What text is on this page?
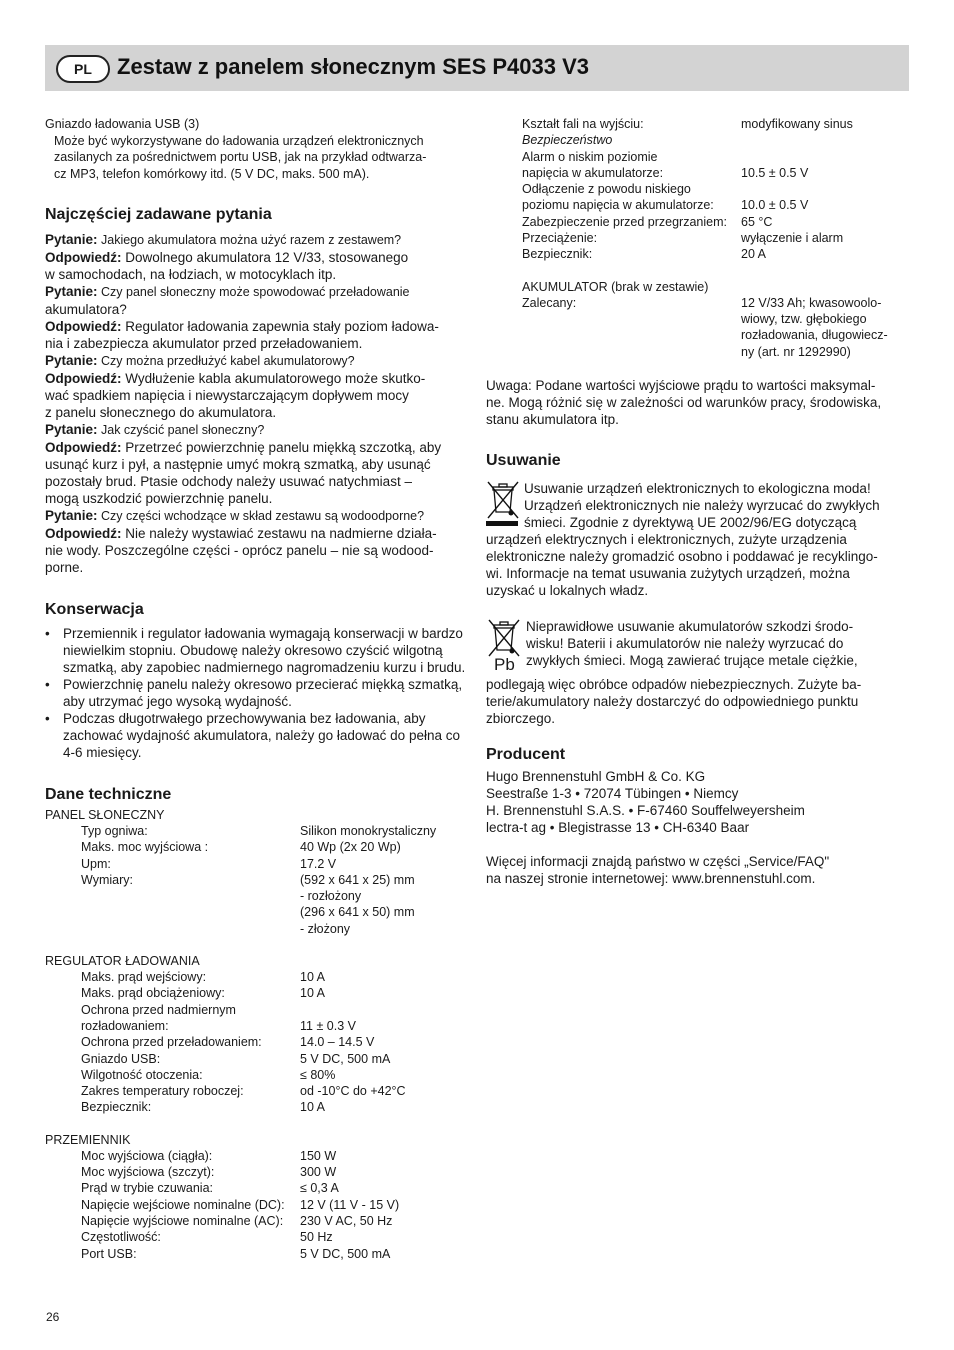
PL	Zestaw z panelem słonecznym SES P4033 V3

Gniazdo ładowania USB (3)

Może być wykorzystywane do ładowania urządzeń elektronicznych

zasilanych za pośrednictwem portu USB, jak na przykład odtwarza-

cz MP3, telefon komórkowy itd. (5 V DC, maks. 500 mA).

Najczęściej zadawane pytania

Pytanie: Jakiego akumulatora można użyć razem z zestawem?

Odpowiedź: Dowolnego akumulatora 12 V/33, stosowanego

w samochodach, na łodziach, w motocyklach itp.

Pytanie: Czy panel słoneczny może spowodować przeładowanie

akumulatora?

Odpowiedź: Regulator ładowania zapewnia stały poziom ładowa-

nia i zabezpiecza akumulator przed przeładowaniem.

Pytanie: Czy można przedłużyć kabel akumulatorowy?

Odpowiedź: Wydłużenie kabla akumulatorowego może skutko-

wać spadkiem napięcia i niewystarczającym dopływem mocy

z panelu słonecznego do akumulatora.

Pytanie: Jak czyścić panel słoneczny?

Odpowiedź: Przetrzeć powierzchnię panelu miękką szczotką, aby

usunąć kurz i pył, a następnie umyć mokrą szmatką, aby usunąć

pozostały brud. Ptasie odchody należy usuwać natychmiast –

mogą uszkodzić powierzchnię panelu.

Pytanie: Czy części wchodzące w skład zestawu są wodoodporne?

Odpowiedź: Nie należy wystawiać zestawu na nadmierne działa-

nie wody. Poszczególne części - oprócz panelu – nie są wodood-

porne.

Konserwacja
• Przemiennik i regulator ładowania wymagają konserwacji w bardzo niewielkim stopniu. Obudowę należy okresowo czyścić wilgotną szmatką, aby zapobiec nadmiernego nagromadzeniu kurzu i brudu.
• Powierzchnię panelu należy okresowo przecierać miękką szmatką, aby utrzymać jego wysoką wydajność.
• Podczas długotrwałego przechowywania bez ładowania, aby zachować wydajność akumulatora, należy go ładować do pełna co 4-6 miesięcy.
Dane techniczne

PANEL SŁONECZNY

Typ ogniwa:	Silikon monokrystaliczny
Maks. moc wyjściowa :	40 Wp (2x 20 Wp)
Upm:	17.2 V
Wymiary:	(592 x 641 x 25) mm
	- rozłożony
	(296 x 641 x 50) mm
	- złożony

REGULATOR ŁADOWANIA

Maks. prąd wejściowy:	10 A
Maks. prąd obciążeniowy:	10 A
Ochrona przed nadmiernym	
rozładowaniem:	11 ± 0.3 V
Ochrona przed przeładowaniem:	14.0 – 14.5 V
Gniazdo USB:	5 V DC, 500 mA
Wilgotność otoczenia:	≤ 80%
Zakres temperatury roboczej:	od -10°C do +42°C
Bezpiecznik:	10 A

PRZEMIENNIK

Moc wyjściowa (ciągła):	150 W
Moc wyjściowa (szczyt):	300 W
Prąd w trybie czuwania:	≤ 0,3 A
Napięcie wejściowe nominalne (DC):	12 V (11 V - 15 V)
Napięcie wyjściowe nominalne (AC):	230 V AC, 50 Hz
Częstotliwość:	50 Hz
Port USB:	5 V DC, 500 mA
Kształt fali na wyjściu:	modyfikowany sinus
Bezpieczeństwo	
Alarm o niskim poziomie	
napięcia w akumulatorze:	10.5 ± 0.5 V
Odłączenie z powodu niskiego	
poziomu napięcia w akumulatorze:	10.0 ± 0.5 V
Zabezpieczenie przed przegrzaniem:	65 °C
Przeciążenie:	wyłączenie i alarm
Bezpiecznik:	20 A

AKUMULATOR (brak w zestawie)

Zalecany:	12 V/33 Ah; kwasowoolo-
wiowy, tzw. głębokiego
rozładowania, długowiecz-
ny (art. nr 1292990)

Uwaga: Podane wartości wyjściowe prądu to wartości maksymal-

ne. Mogą różnić się w zależności od warunków pracy, środowiska,

stanu akumulatora itp.

Usuwanie

Usuwanie urządzeń elektronicznych to ekologiczna moda!

Urządzeń elektronicznych nie należy wyrzucać do zwykłych

śmieci. Zgodnie z dyrektywą UE 2002/96/EG dotyczącą

urządzeń elektrycznych i elektronicznych, zużyte urządzenia

elektroniczne należy gromadzić osobno i poddawać je recyklingo-

wi. Informacje na temat usuwania zużytych urządzeń, można

uzyskać u lokalnych władz.

Pb

Nieprawidłowe usuwanie akumulatorów szkodzi środo-

wisku! Baterii i akumulatorów nie należy wyrzucać do

zwykłych śmieci. Mogą zawierać trujące metale ciężkie,

podlegają więc obróbce odpadów niebezpiecznych. Zużyte ba-

terie/akumulatory należy dostarczyć do odpowiedniego punktu

zbiorczego.

Producent

Hugo Brennenstuhl GmbH & Co. KG

Seestraße 1-3 • 72074 Tübingen • Niemcy

H. Brennenstuhl S.A.S. • F-67460 Souffelweyersheim

lectra-t ag • Blegistrasse 13 • CH-6340 Baar

Więcej informacji znajdą państwo w części „Service/FAQ"

na naszej stronie internetowej: www.brennenstuhl.com.

26
